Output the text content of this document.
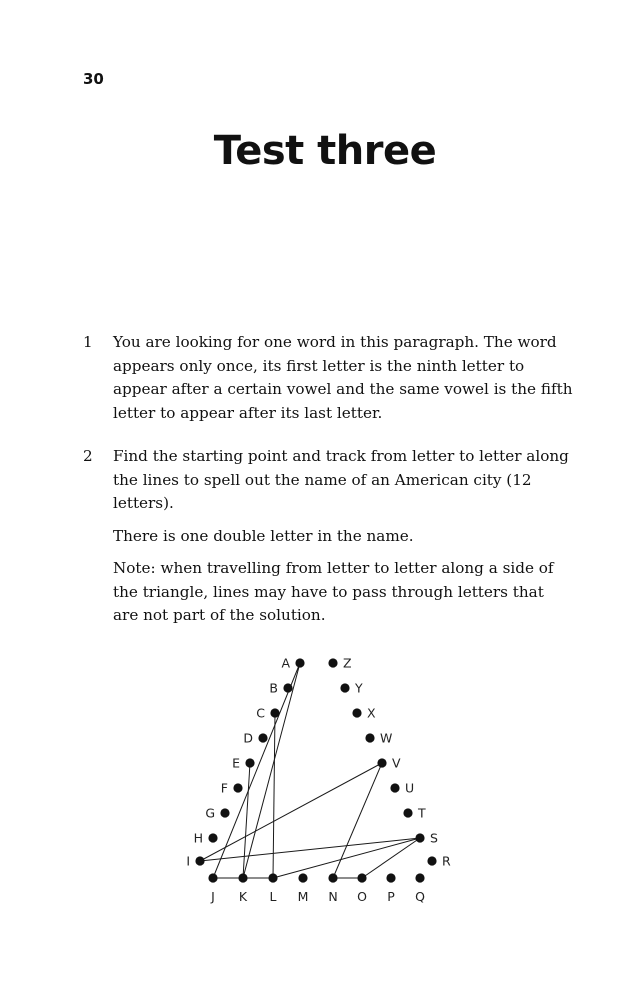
30
Test three
1 You are looking for one word in this paragraph. The word appears only once, its first letter is the ninth letter to appear after a certain vowel and the same vowel is the fifth letter to appear after its last letter.

2 Find the starting point and track from letter to letter along the lines to spell out the name of an American city (12 letters).

There is one double letter in the name.

Note: when travelling from letter to letter along a side of the triangle, lines may have to pass through letters that are not part of the solution.

A
B
C
D
E
F
G
H
I
J K L M N O P Q
R
S
T
U
V
W
X
Y
Z
